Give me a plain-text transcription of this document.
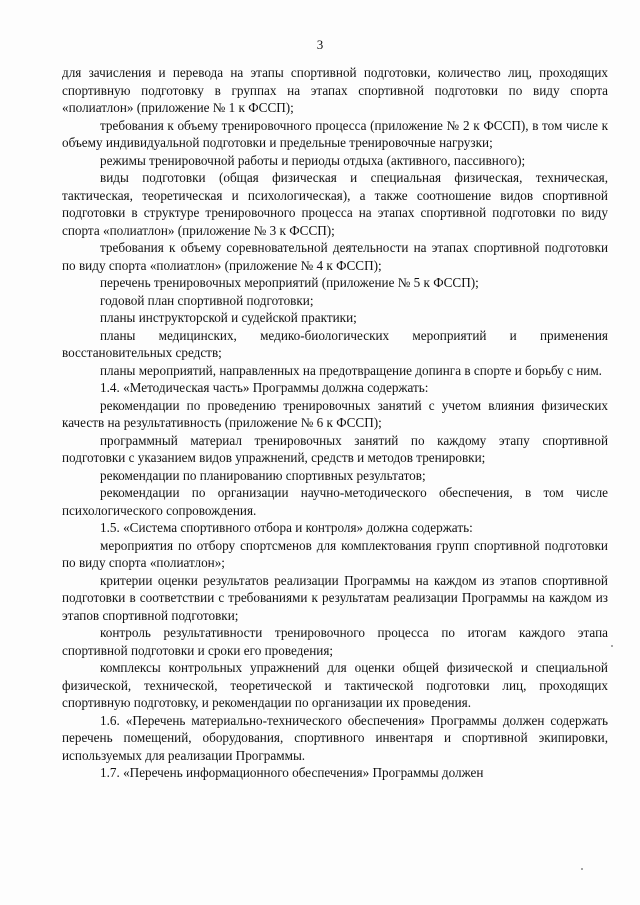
3

для зачисления и перевода на этапы спортивной подготовки, количество лиц, проходящих спортивную подготовку в группах на этапах спортивной подготовки по виду спорта «полиатлон» (приложение № 1 к ФССП);

требования к объему тренировочного процесса (приложение № 2 к ФССП), в том числе к объему индивидуальной подготовки и предельные тренировочные нагрузки;

режимы тренировочной работы и периоды отдыха (активного, пассивного);

виды подготовки (общая физическая и специальная физическая, техническая, тактическая, теоретическая и психологическая), а также соотношение видов спортивной подготовки в структуре тренировочного процесса на этапах спортивной подготовки по виду спорта «полиатлон» (приложение № 3 к ФССП);

требования к объему соревновательной деятельности на этапах спортивной подготовки по виду спорта «полиатлон» (приложение № 4 к ФССП);

перечень тренировочных мероприятий (приложение № 5 к ФССП);

годовой план спортивной подготовки;

планы инструкторской и судейской практики;

планы медицинских, медико-биологических мероприятий и применения восстановительных средств;

планы мероприятий, направленных на предотвращение допинга в спорте и борьбу с ним.

1.4. «Методическая часть» Программы должна содержать:

рекомендации по проведению тренировочных занятий с учетом влияния физических качеств на результативность (приложение № 6 к ФССП);

программный материал тренировочных занятий по каждому этапу спортивной подготовки с указанием видов упражнений, средств и методов тренировки;

рекомендации по планированию спортивных результатов;

рекомендации по организации научно-методического обеспечения, в том числе психологического сопровождения.

1.5. «Система спортивного отбора и контроля» должна содержать:

мероприятия по отбору спортсменов для комплектования групп спортивной подготовки по виду спорта «полиатлон»;

критерии оценки результатов реализации Программы на каждом из этапов спортивной подготовки в соответствии с требованиями к результатам реализации Программы на каждом из этапов спортивной подготовки;

контроль результативности тренировочного процесса по итогам каждого этапа спортивной подготовки и сроки его проведения;

комплексы контрольных упражнений для оценки общей физической и специальной физической, технической, теоретической и тактической подготовки лиц, проходящих спортивную подготовку, и рекомендации по организации их проведения.

1.6. «Перечень материально-технического обеспечения» Программы должен содержать перечень помещений, оборудования, спортивного инвентаря и спортивной экипировки, используемых для реализации Программы.

1.7. «Перечень информационного обеспечения» Программы должен
